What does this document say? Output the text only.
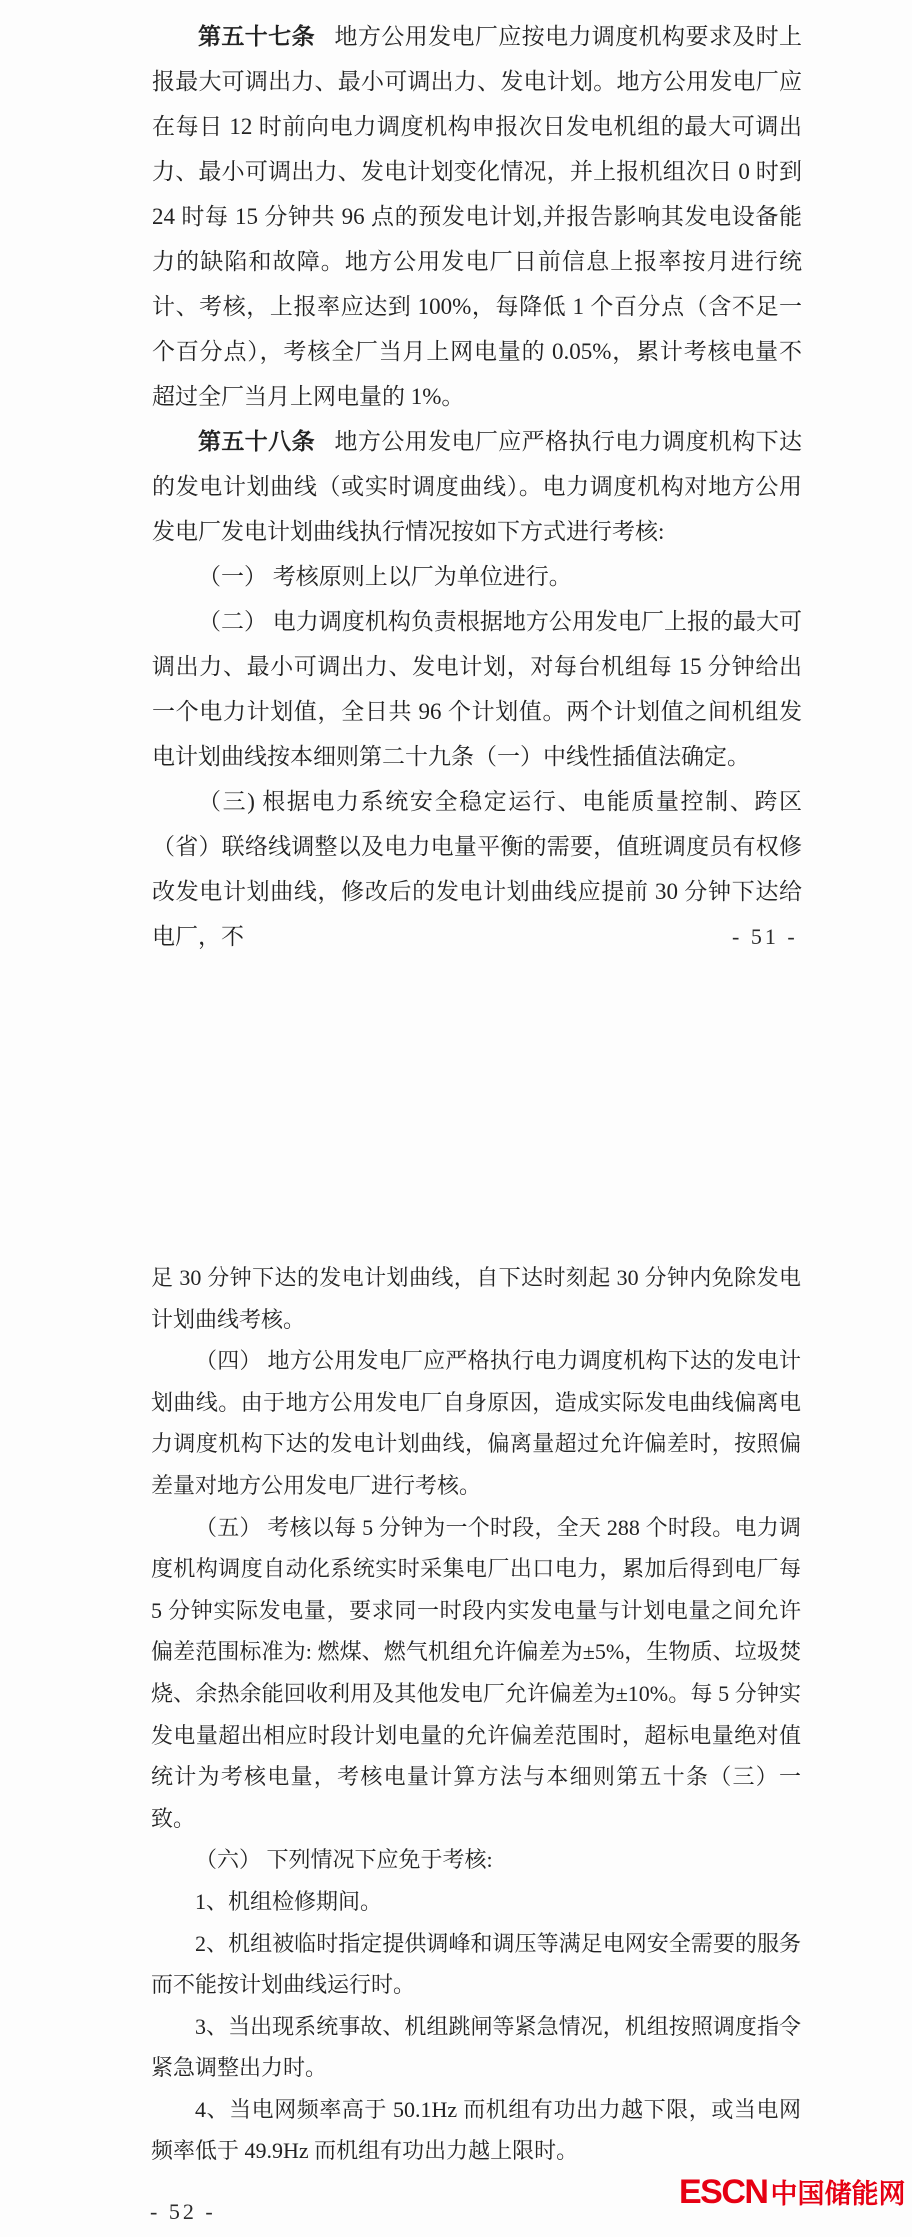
第五十七条 地方公用发电厂应按电力调度机构要求及时上报最大可调出力、最小可调出力、发电计划。地方公用发电厂应在每日 12 时前向电力调度机构申报次日发电机组的最大可调出力、最小可调出力、发电计划变化情况，并上报机组次日 0 时到 24 时每 15 分钟共 96 点的预发电计划,并报告影响其发电设备能力的缺陷和故障。地方公用发电厂日前信息上报率按月进行统计、考核，上报率应达到 100%，每降低 1 个百分点（含不足一个百分点），考核全厂当月上网电量的 0.05%，累计考核电量不超过全厂当月上网电量的 1%。

第五十八条 地方公用发电厂应严格执行电力调度机构下达的发电计划曲线（或实时调度曲线）。电力调度机构对地方公用发电厂发电计划曲线执行情况按如下方式进行考核:

（一） 考核原则上以厂为单位进行。

（二） 电力调度机构负责根据地方公用发电厂上报的最大可调出力、最小可调出力、发电计划，对每台机组每 15 分钟给出一个电力计划值，全日共 96 个计划值。两个计划值之间机组发电计划曲线按本细则第二十九条（一）中线性插值法确定。

（三) 根据电力系统安全稳定运行、电能质量控制、跨区（省）联络线调整以及电力电量平衡的需要，值班调度员有权修改发电计划曲线，修改后的发电计划曲线应提前 30 分钟下达给电厂，不	- 51 -

足 30 分钟下达的发电计划曲线，自下达时刻起 30 分钟内免除发电计划曲线考核。

（四） 地方公用发电厂应严格执行电力调度机构下达的发电计划曲线。由于地方公用发电厂自身原因，造成实际发电曲线偏离电力调度机构下达的发电计划曲线，偏离量超过允许偏差时，按照偏差量对地方公用发电厂进行考核。

（五） 考核以每 5 分钟为一个时段，全天 288 个时段。电力调度机构调度自动化系统实时采集电厂出口电力，累加后得到电厂每 5 分钟实际发电量，要求同一时段内实发电量与计划电量之间允许偏差范围标准为: 燃煤、燃气机组允许偏差为±5%，生物质、垃圾焚烧、余热余能回收利用及其他发电厂允许偏差为±10%。每 5 分钟实发电量超出相应时段计划电量的允许偏差范围时，超标电量绝对值统计为考核电量，考核电量计算方法与本细则第五十条（三）一致。

（六） 下列情况下应免于考核:

1、机组检修期间。

2、机组被临时指定提供调峰和调压等满足电网安全需要的服务而不能按计划曲线运行时。

3、当出现系统事故、机组跳闸等紧急情况，机组按照调度指令紧急调整出力时。

4、当电网频率高于 50.1Hz 而机组有功出力越下限，或当电网频率低于 49.9Hz 而机组有功出力越上限时。

ESCN 中国储能网
- 52 -
